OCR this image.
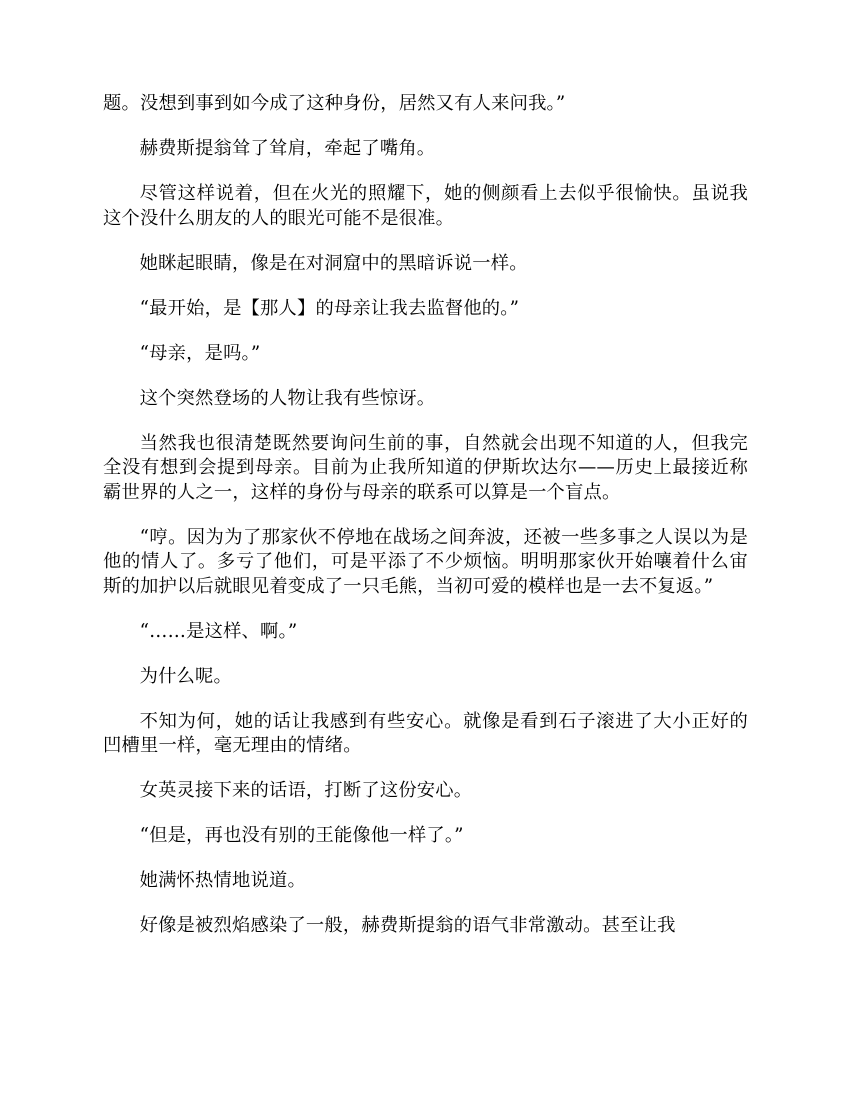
题。没想到事到如今成了这种身份，居然又有人来问我。”

赫费斯提翁耸了耸肩，牵起了嘴角。

尽管这样说着，但在火光的照耀下，她的侧颜看上去似乎很愉快。虽说我这个没什么朋友的人的眼光可能不是很准。

她眯起眼睛，像是在对洞窟中的黑暗诉说一样。

“最开始，是【那人】的母亲让我去监督他的。”

“母亲，是吗。”

这个突然登场的人物让我有些惊讶。

当然我也很清楚既然要询问生前的事，自然就会出现不知道的人，但我完全没有想到会提到母亲。目前为止我所知道的伊斯坎达尔——历史上最接近称霸世界的人之一，这样的身份与母亲的联系可以算是一个盲点。

“哼。因为为了那家伙不停地在战场之间奔波，还被一些多事之人误以为是他的情人了。多亏了他们，可是平添了不少烦恼。明明那家伙开始嚷着什么宙斯的加护以后就眼见着变成了一只毛熊，当初可爱的模样也是一去不复返。”

“……是这样、啊。”

为什么呢。

不知为何，她的话让我感到有些安心。就像是看到石子滚进了大小正好的凹槽里一样，毫无理由的情绪。

女英灵接下来的话语，打断了这份安心。

“但是，再也没有别的王能像他一样了。”

她满怀热情地说道。

好像是被烈焰感染了一般，赫费斯提翁的语气非常激动。甚至让我
